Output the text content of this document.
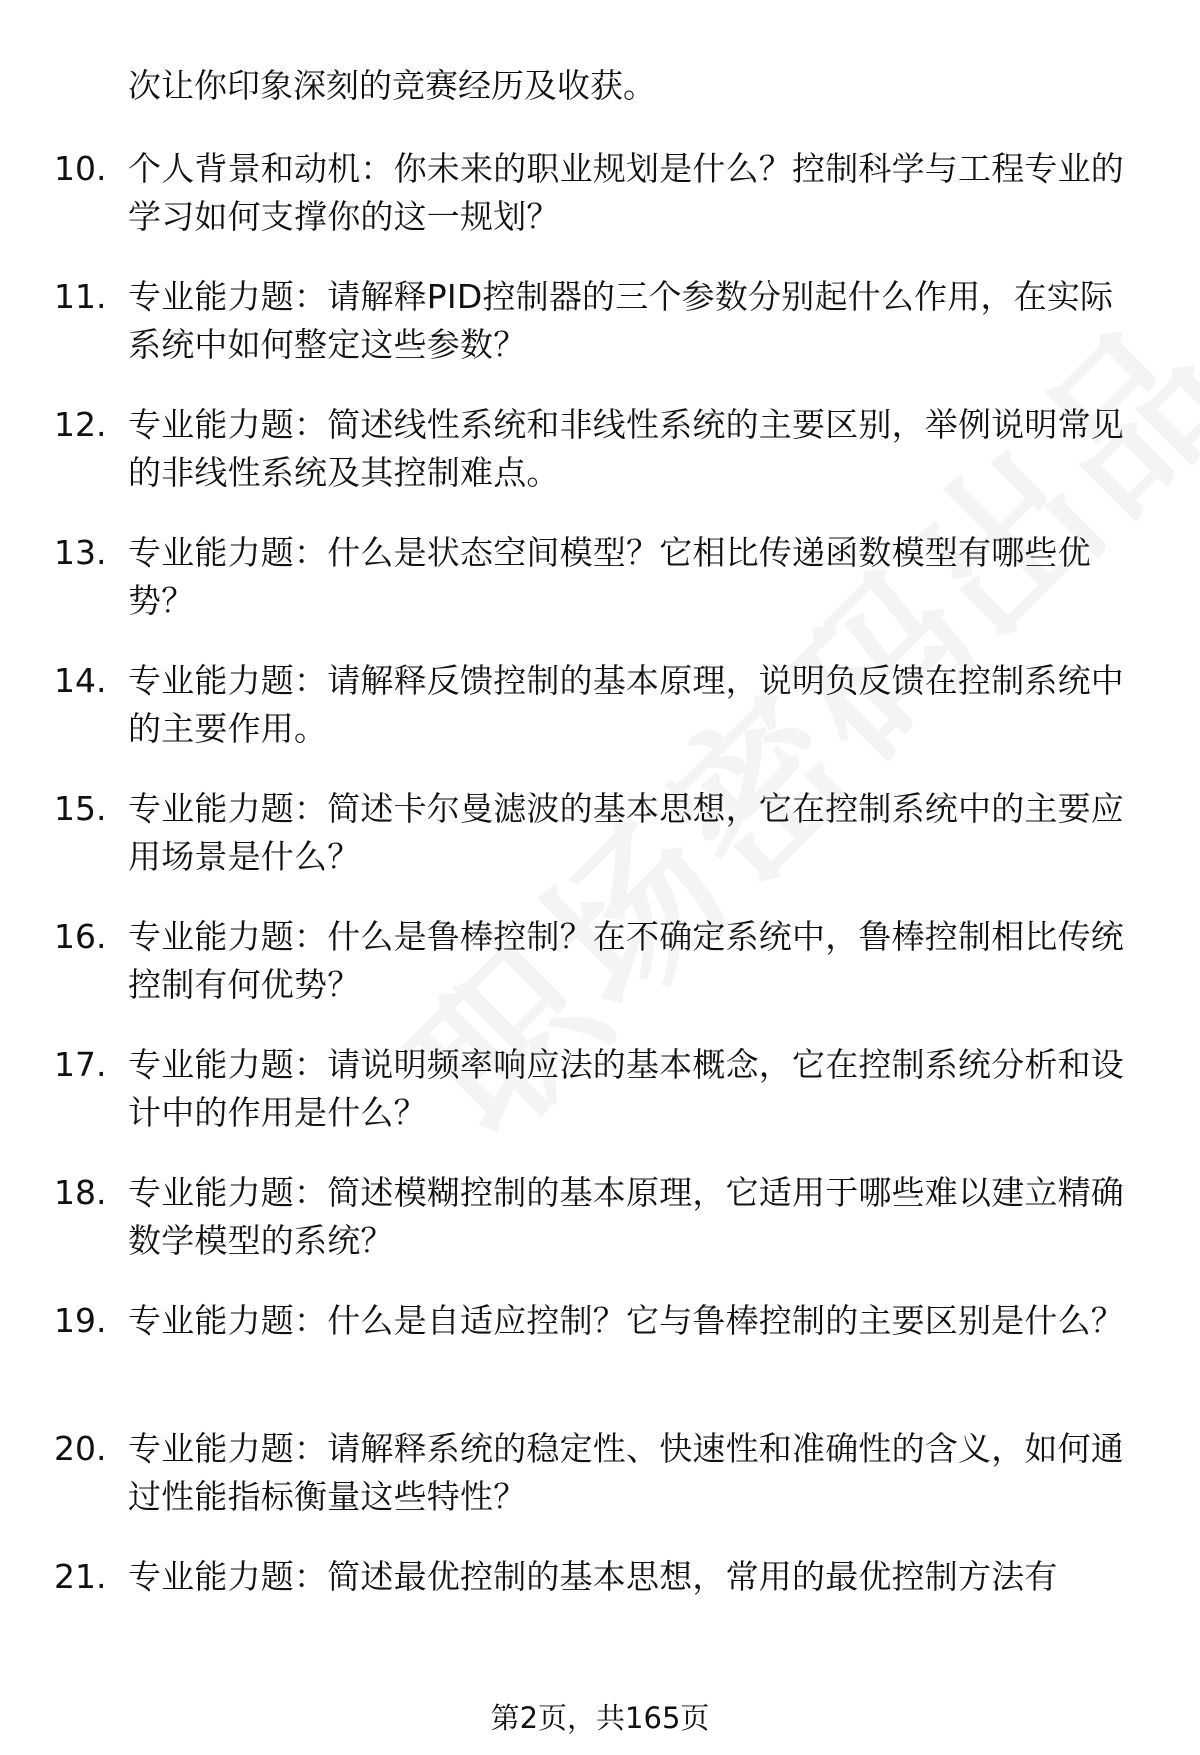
次让你印象深刻的竞赛经历及收获。
10. 个人背景和动机：你未来的职业规划是什么？控制科学与工程专业的学习如何支撑你的这一规划？
11. 专业能力题：请解释PID控制器的三个参数分别起什么作用，在实际系统中如何整定这些参数？
12. 专业能力题：简述线性系统和非线性系统的主要区别，举例说明常见的非线性系统及其控制难点。
13. 专业能力题：什么是状态空间模型？它相比传递函数模型有哪些优势？
14. 专业能力题：请解释反馈控制的基本原理，说明负反馈在控制系统中的主要作用。
15. 专业能力题：简述卡尔曼滤波的基本思想，它在控制系统中的主要应用场景是什么？
16. 专业能力题：什么是鲁棒控制？在不确定系统中，鲁棒控制相比传统控制有何优势？
17. 专业能力题：请说明频率响应法的基本概念，它在控制系统分析和设计中的作用是什么？
18. 专业能力题：简述模糊控制的基本原理，它适用于哪些难以建立精确数学模型的系统？
19. 专业能力题：什么是自适应控制？它与鲁棒控制的主要区别是什么？
20. 专业能力题：请解释系统的稳定性、快速性和准确性的含义，如何通过性能指标衡量这些特性？
21. 专业能力题：简述最优控制的基本思想，常用的最优控制方法有
第2页，共165页
